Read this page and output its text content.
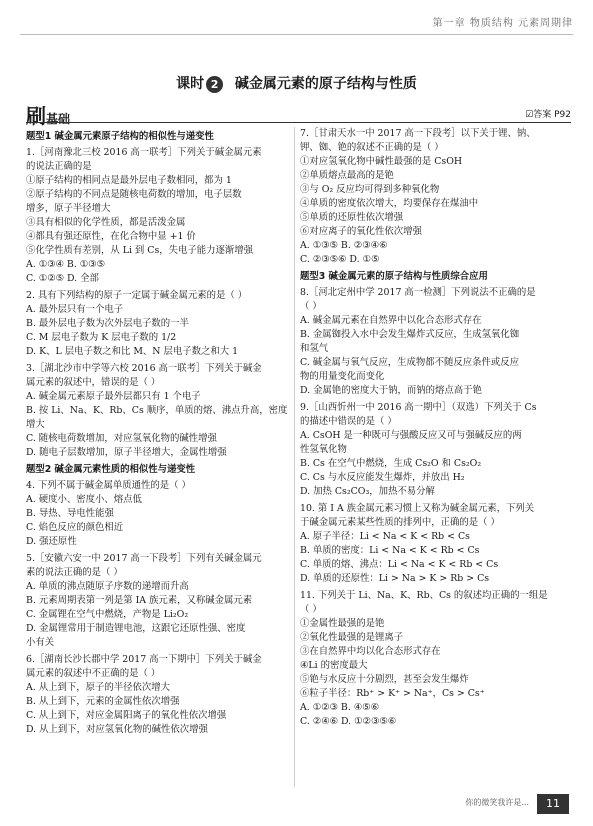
第一章 物质结构 元素周期律
课时 2 碱金属元素的原子结构与性质
刷基础	☑答案 P92
题型1 碱金属元素原子结构的相似性与递变性
1.［河南豫北三校 2016 高一联考］下列关于碱金属元素
的说法正确的是
①原子结构的相同点是最外层电子数相同，都为 1
②原子结构的不同点是随核电荷数的增加，电子层数
增多，原子半径增大
③具有相似的化学性质，都是活泼金属
④都具有强还原性，在化合物中显 +1 价
⑤化学性质有差别，从 Li 到 Cs，失电子能力逐渐增强
A. ①③④ B. ①③⑤
C. ①②⑤ D. 全部
2. 具有下列结构的原子一定属于碱金属元素的是（ ）
A. 最外层只有一个电子
B. 最外层电子数为次外层电子数的一半
C. M 层电子数为 K 层电子数的 1/2
D. K、L 层电子数之和比 M、N 层电子数之和大 1
3.［湖北沙市中学等六校 2016 高一联考］下列关于碱金
属元素的叙述中，错误的是（ ）
A. 碱金属元素原子最外层都只有 1 个电子
B. 按 Li、Na、K、Rb、Cs 顺序，单质的熔、沸点升高，密度
增大
C. 随核电荷数增加，对应氢氧化物的碱性增强
D. 随电子层数增加，原子半径增大，金属性增强
题型2 碱金属元素性质的相似性与递变性
4. 下列不属于碱金属单质通性的是（ ）
A. 硬度小、密度小、熔点低
B. 导热、导电性能强
C. 焰色反应的颜色相近
D. 强还原性
5.［安徽六安一中 2017 高一下段考］下列有关碱金属元
素的说法正确的是（ ）
A. 单质的沸点随原子序数的递增而升高
B. 元素周期表第一列是第 IA 族元素，又称碱金属元素
C. 金属锂在空气中燃烧，产物是 Li₂O₂
D. 金属锂常用于制造锂电池，这跟它还原性强、密度
小有关
6.［湖南长沙长郡中学 2017 高一下期中］下列关于碱金
属元素的叙述中不正确的是（ ）
A. 从上到下，原子的半径依次增大
B. 从上到下，元素的金属性依次增强
C. 从上到下，对应金属阳离子的氧化性依次增强
D. 从上到下，对应氢氧化物的碱性依次增强
7.［甘肃天水一中 2017 高一下段考］以下关于锂、钠、
钾、铷、铯的叙述不正确的是（ ）
①对应氢氧化物中碱性最强的是 CsOH
②单质熔点最高的是铯
③与 O₂ 反应均可得到多种氧化物
④单质的密度依次增大，均要保存在煤油中
⑤单质的还原性依次增强
⑥对应离子的氧化性依次增强
A. ①③⑤ B. ②③④⑥
C. ②③⑤⑥ D. ①⑤
题型3 碱金属元素的原子结构与性质综合应用
8.［河北定州中学 2017 高一检测］下列说法不正确的是
（ ）
A. 碱金属元素在自然界中以化合态形式存在
B. 金属铷投入水中会发生爆炸式反应，生成氢氧化铷
和氢气
C. 碱金属与氧气反应，生成物都不随反应条件或反应
物的用量变化而变化
D. 金属铯的密度大于钠，而钠的熔点高于铯
9.［山西忻州一中 2016 高一期中］（双选）下列关于 Cs
的描述中错误的是（ ）
A. CsOH 是一种既可与强酸反应又可与强碱反应的两
性氢氧化物
B. Cs 在空气中燃烧，生成 Cs₂O 和 Cs₂O₂
C. Cs 与水反应能发生爆炸，并放出 H₂
D. 加热 Cs₂CO₃，加热不易分解
10. 第 I A 族金属元素习惯上又称为碱金属元素，下列关
于碱金属元素某些性质的排列中，正确的是（ ）
A. 原子半径：Li < Na < K < Rb < Cs
B. 单质的密度：Li < Na < K < Rb < Cs
C. 单质的熔、沸点：Li < Na < K < Rb < Cs
D. 单质的还原性：Li > Na > K > Rb > Cs
11. 下列关于 Li、Na、K、Rb、Cs 的叙述均正确的一组是
（ ）
①金属性最强的是铯
②氧化性最强的是锂离子
③在自然界中均以化合态形式存在
④Li 的密度最大
⑤铯与水反应十分剧烈，甚至会发生爆炸
⑥粒子半径：Rb⁺ > K⁺ > Na⁺，Cs > Cs⁺
A. ①②③ B. ④⑤⑥
C. ②④⑥ D. ①②③⑤⑥
你的微笑我许是...	11
